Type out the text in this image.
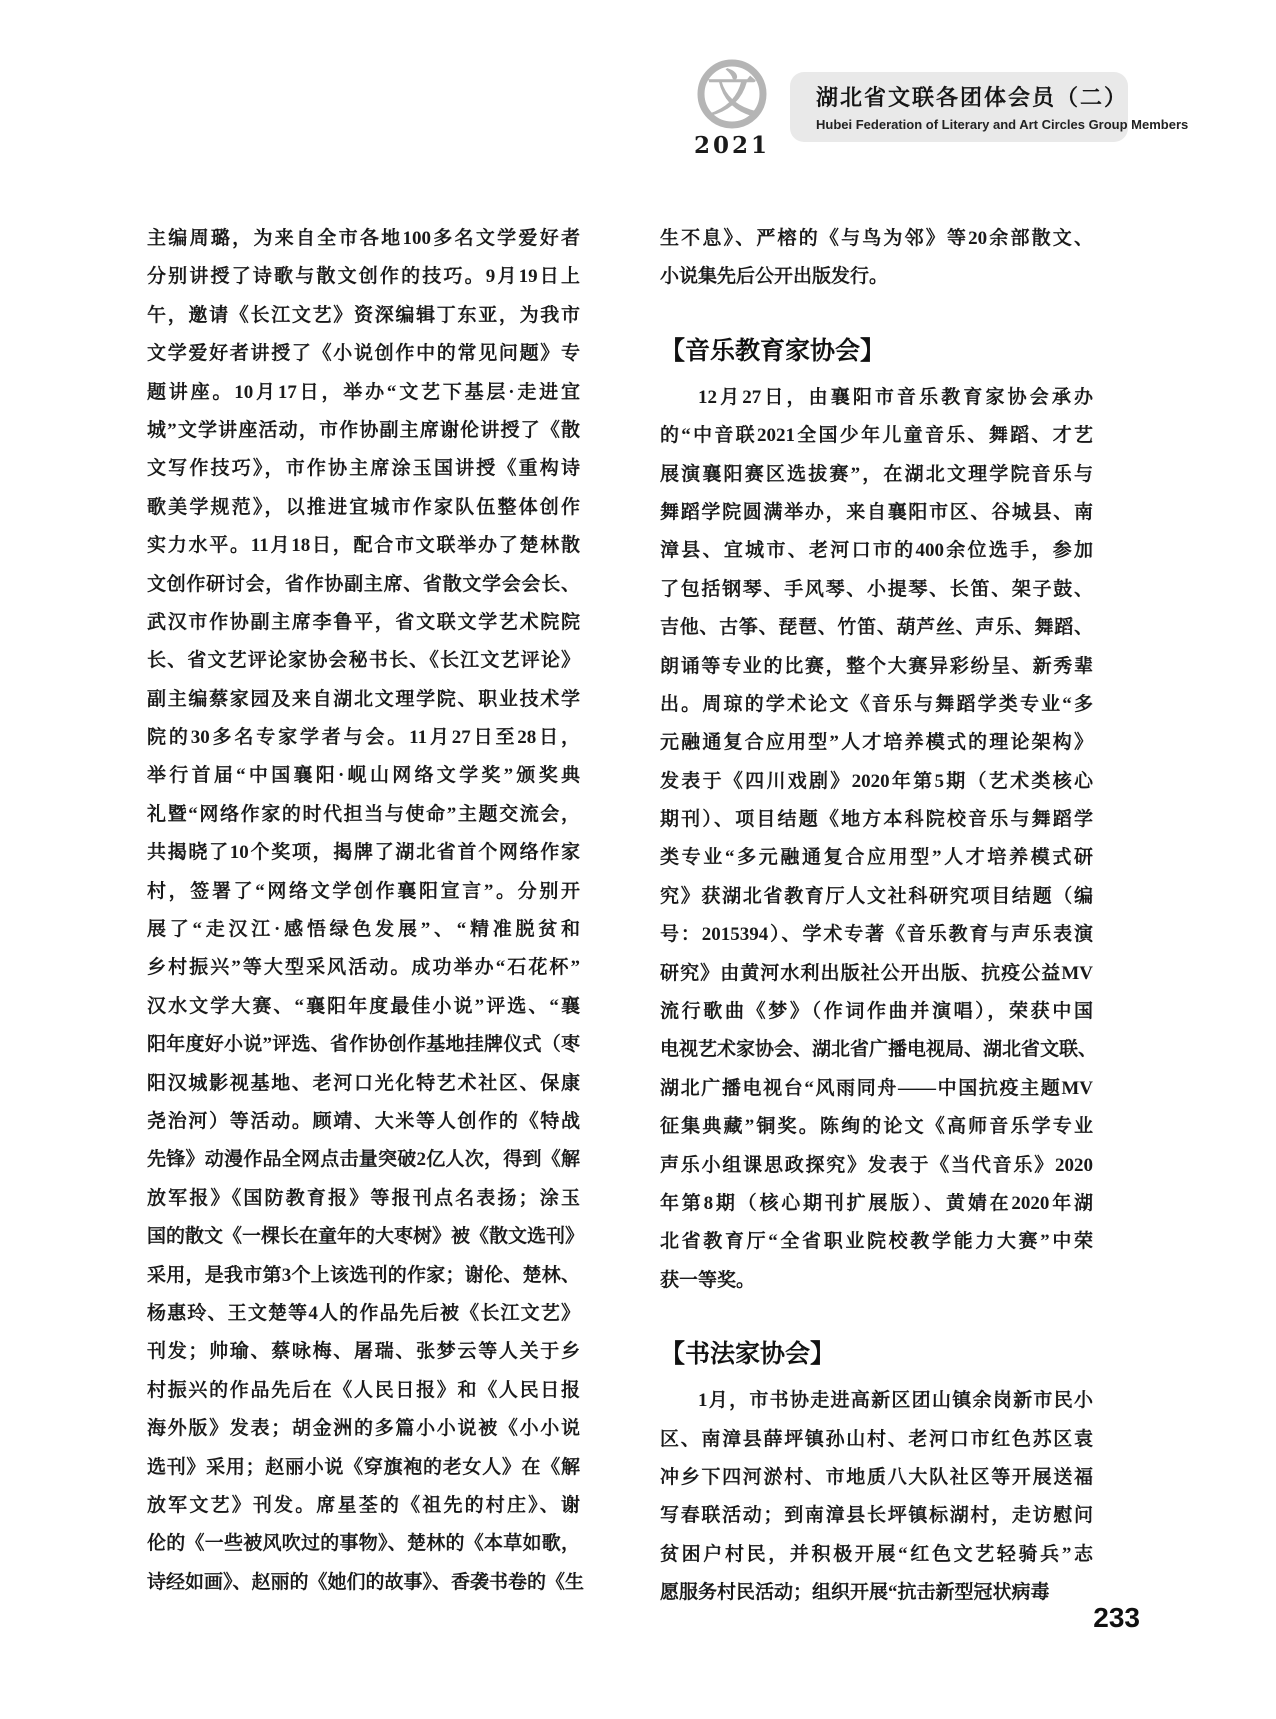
文
2021
湖北省文联各团体会员（二）
Hubei Federation of Literary and Art Circles Group Members
主编周璐，为来自全市各地100多名文学爱好者
分别讲授了诗歌与散文创作的技巧。9月19日上
午，邀请《长江文艺》资深编辑丁东亚，为我市
文学爱好者讲授了《小说创作中的常见问题》专
题讲座。10月17日，举办“文艺下基层·走进宜
城”文学讲座活动，市作协副主席谢伦讲授了《散
文写作技巧》，市作协主席涂玉国讲授《重构诗
歌美学规范》，以推进宜城市作家队伍整体创作
实力水平。11月18日，配合市文联举办了楚林散
文创作研讨会，省作协副主席、省散文学会会长、
武汉市作协副主席李鲁平，省文联文学艺术院院
长、省文艺评论家协会秘书长、《长江文艺评论》
副主编蔡家园及来自湖北文理学院、职业技术学
院的30多名专家学者与会。11月27日至28日，
举行首届“中国襄阳·岘山网络文学奖”颁奖典
礼暨“网络作家的时代担当与使命”主题交流会，
共揭晓了10个奖项，揭牌了湖北省首个网络作家
村，签署了“网络文学创作襄阳宣言”。分别开
展了“走汉江·感悟绿色发展”、“精准脱贫和
乡村振兴”等大型采风活动。成功举办“石花杯”
汉水文学大赛、“襄阳年度最佳小说”评选、“襄
阳年度好小说”评选、省作协创作基地挂牌仪式（枣
阳汉城影视基地、老河口光化特艺术社区、保康
尧治河）等活动。顾靖、大米等人创作的《特战
先锋》动漫作品全网点击量突破2亿人次，得到《解
放军报》《国防教育报》等报刊点名表扬；涂玉
国的散文《一棵长在童年的大枣树》被《散文选刊》
采用，是我市第3个上该选刊的作家；谢伦、楚林、
杨惠玲、王文楚等4人的作品先后被《长江文艺》
刊发；帅瑜、蔡咏梅、屠瑞、张梦云等人关于乡
村振兴的作品先后在《人民日报》和《人民日报
海外版》发表；胡金洲的多篇小小说被《小小说
选刊》采用；赵丽小说《穿旗袍的老女人》在《解
放军文艺》刊发。席星荃的《祖先的村庄》、谢
伦的《一些被风吹过的事物》、楚林的《本草如歌，
诗经如画》、赵丽的《她们的故事》、香袭书卷的《生
生不息》、严榕的《与鸟为邻》等20余部散文、
小说集先后公开出版发行。
【音乐教育家协会】
12月27日，由襄阳市音乐教育家协会承办
的“中音联2021全国少年儿童音乐、舞蹈、才艺
展演襄阳赛区选拔赛”，在湖北文理学院音乐与
舞蹈学院圆满举办，来自襄阳市区、谷城县、南
漳县、宜城市、老河口市的400余位选手，参加
了包括钢琴、手风琴、小提琴、长笛、架子鼓、
吉他、古筝、琵琶、竹笛、葫芦丝、声乐、舞蹈、
朗诵等专业的比赛，整个大赛异彩纷呈、新秀辈
出。周琼的学术论文《音乐与舞蹈学类专业“多
元融通复合应用型”人才培养模式的理论架构》
发表于《四川戏剧》2020年第5期（艺术类核心
期刊）、项目结题《地方本科院校音乐与舞蹈学
类专业“多元融通复合应用型”人才培养模式研
究》获湖北省教育厅人文社科研究项目结题（编
号：2015394）、学术专著《音乐教育与声乐表演
研究》由黄河水利出版社公开出版、抗疫公益MV
流行歌曲《梦》（作词作曲并演唱），荣获中国
电视艺术家协会、湖北省广播电视局、湖北省文联、
湖北广播电视台“风雨同舟——中国抗疫主题MV
征集典藏”铜奖。陈绚的论文《高师音乐学专业
声乐小组课思政探究》发表于《当代音乐》2020
年第8期（核心期刊扩展版）、黄婧在2020年湖
北省教育厅“全省职业院校教学能力大赛”中荣
获一等奖。
【书法家协会】
1月，市书协走进高新区团山镇余岗新市民小
区、南漳县薛坪镇孙山村、老河口市红色苏区袁
冲乡下四河淤村、市地质八大队社区等开展送福
写春联活动；到南漳县长坪镇标湖村，走访慰问
贫困户村民，并积极开展“红色文艺轻骑兵”志
愿服务村民活动；组织开展“抗击新型冠状病毒
233
